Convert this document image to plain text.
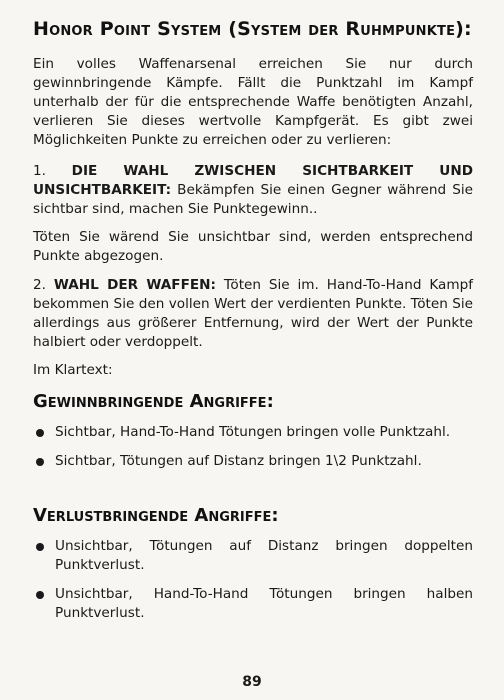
Honor Point System (System der Ruhmpunkte):

Ein volles Waffenarsenal erreichen Sie nur durch gewinnbringende Kämpfe. Fällt die Punktzahl im Kampf unterhalb der für die entsprechende Waffe benötigten Anzahl, verlieren Sie dieses wertvolle Kampfgerät. Es gibt zwei Möglichkeiten Punkte zu erreichen oder zu verlieren:

1. DIE WAHL ZWISCHEN SICHTBARKEIT UND UNSICHTBARKEIT: Bekämpfen Sie einen Gegner während Sie sichtbar sind, machen Sie Punktegewinn..

Töten Sie wärend Sie unsichtbar sind, werden entsprechend Punkte abgezogen.

2. WAHL DER WAFFEN: Töten Sie im. Hand-To-Hand Kampf bekommen Sie den vollen Wert der verdienten Punkte. Töten Sie allerdings aus größerer Entfernung, wird der Wert der Punkte halbiert oder verdoppelt.

Im Klartext:

Gewinnbringende Angriffe:
Sichtbar, Hand-To-Hand Tötungen bringen volle Punktzahl.
Sichtbar, Tötungen auf Distanz bringen 1\2 Punktzahl.
Verlustbringende Angriffe:
Unsichtbar, Tötungen auf Distanz bringen doppelten Punktverlust.
Unsichtbar, Hand-To-Hand Tötungen bringen halben Punktverlust.
89
